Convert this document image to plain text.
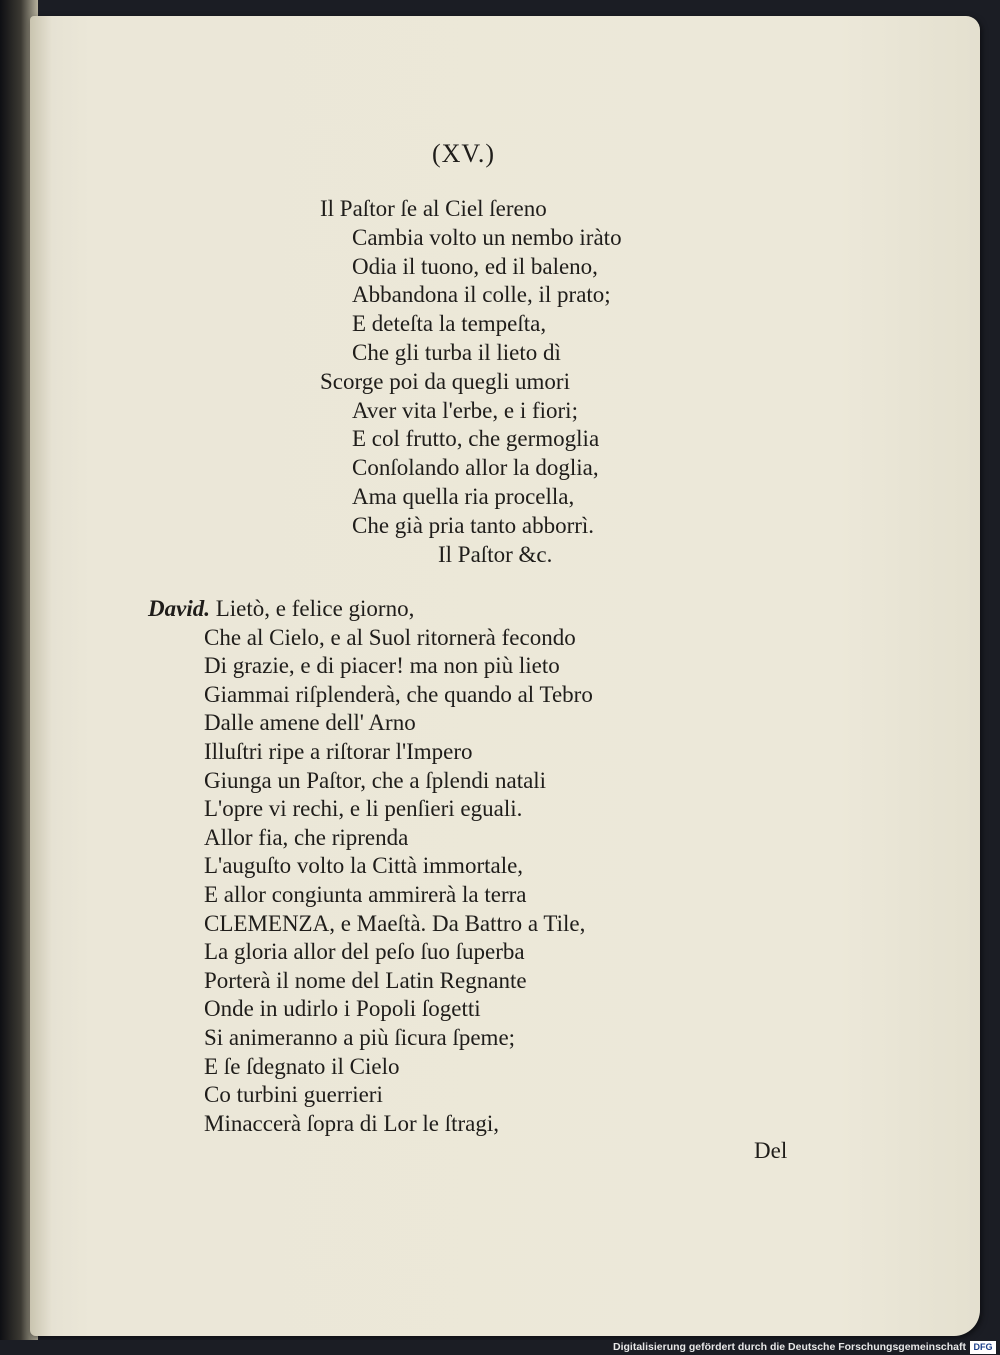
(XV.)
Il Paſtor ſe al Ciel ſereno
Cambia volto un nembo iràto
Odia il tuono, ed il baleno,
Abbandona il colle, il prato;
E deteſta la tempeſta,
Che gli turba il lieto dì
Scorge poi da quegli umori
Aver vita l'erbe, e i fiori;
E col frutto, che germoglia
Conſolando allor la doglia,
Ama quella ria procella,
Che già pria tanto abborrì.
Il Paſtor &c.
David. Lietò, e felice giorno,
Che al Cielo, e al Suol ritornerà fecondo
Di grazie, e di piacer! ma non più lieto
Giammai riſplenderà, che quando al Tebro
Dalle amene dell' Arno
Illuſtri ripe a riſtorar l'Impero
Giunga un Paſtor, che a ſplendi natali
L'opre vi rechi, e li penſieri eguali.
Allor fia, che riprenda
L'auguſto volto la Città immortale,
E allor congiunta ammirerà la terra
CLEMENZA, e Maeſtà. Da Battro a Tile,
La gloria allor del peſo ſuo ſuperba
Porterà il nome del Latin Regnante
Onde in udirlo i Popoli ſogetti
Si animeranno a più ſicura ſpeme;
E ſe ſdegnato il Cielo
Co turbini guerrieri
Minaccerà ſopra di Lor le ſtragi,
Del
Digitalisierung gefördert durch die Deutsche Forschungsgemeinschaft DFG
